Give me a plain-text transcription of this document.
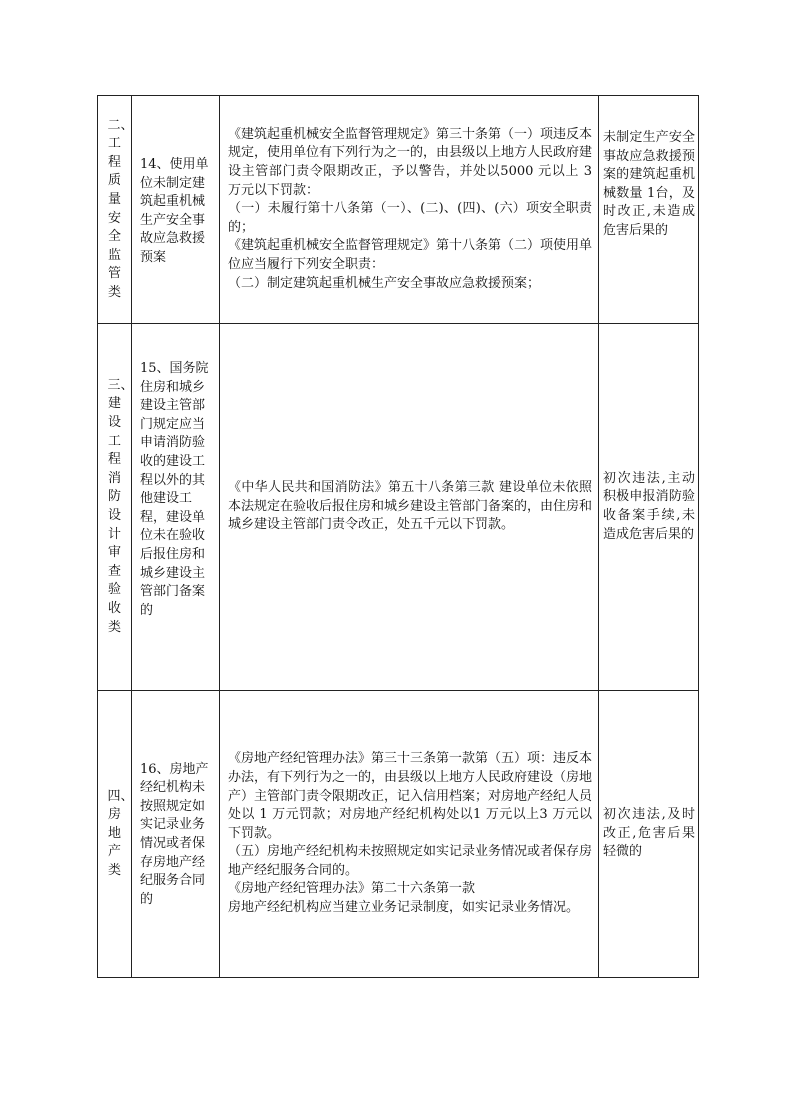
二、工程质量安全监管类	14、使用单位未制定建筑起重机械生产安全事故应急救援预案	《建筑起重机械安全监督管理规定》第三十条第（一）项违反本规定，使用单位有下列行为之一的，由县级以上地方人民政府建设主管部门责令限期改正，予以警告，并处以5000 元以上 3 万元以下罚款：

（一）未履行第十八条第（一）、(二)、(四)、(六）项安全职责的；

《建筑起重机械安全监督管理规定》第十八条第（二）项使用单位应当履行下列安全职责：

（二）制定建筑起重机械生产安全事故应急救援预案；	未制定生产安全事故应急救援预案的建筑起重机械数量 1台，及时改正,未造成危害后果的

三、建设工程消防设计审查验收类	15、国务院住房和城乡建设主管部门规定应当申请消防验收的建设工程以外的其他建设工程，建设单位未在验收后报住房和城乡建设主管部门备案的	《中华人民共和国消防法》第五十八条第三款 建设单位未依照本法规定在验收后报住房和城乡建设主管部门备案的，由住房和城乡建设主管部门责令改正，处五千元以下罚款。	初次违法,主动积极申报消防验收备案手续,未造成危害后果的

四、房地产类	16、房地产经纪机构未按照规定如实记录业务情况或者保存房地产经纪服务合同的	《房地产经纪管理办法》第三十三条第一款第（五）项：违反本办法，有下列行为之一的，由县级以上地方人民政府建设（房地产）主管部门责令限期改正，记入信用档案；对房地产经纪人员处以 1 万元罚款；对房地产经纪机构处以1 万元以上3 万元以下罚款。

（五）房地产经纪机构未按照规定如实记录业务情况或者保存房地产经纪服务合同的。

《房地产经纪管理办法》第二十六条第一款

房地产经纪机构应当建立业务记录制度，如实记录业务情况。	初次违法,及时改正,危害后果轻微的
